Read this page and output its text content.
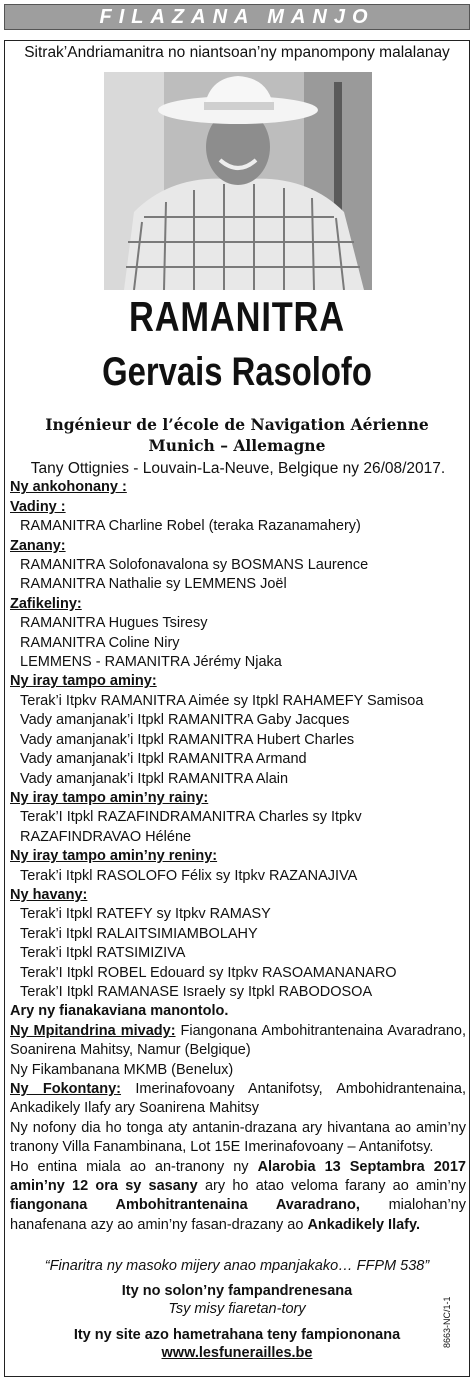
FILAZANA MANJO
Sitrak’Andriamanitra no niantsoan’ny mpanompony malalanay
RAMANITRA
Gervais Rasolofo
Ingénieur de l’école de Navigation Aérienne
Munich – Allemagne
Tany Ottignies - Louvain-La-Neuve, Belgique ny 26/08/2017.
Ny ankohonany :
Vadiny :
RAMANITRA Charline Robel (teraka Razanamahery)
Zanany:
RAMANITRA Solofonavalona sy BOSMANS Laurence
RAMANITRA Nathalie sy LEMMENS Joël
Zafikeliny:
RAMANITRA Hugues Tsiresy
RAMANITRA Coline Niry
LEMMENS - RAMANITRA Jérémy Njaka
Ny iray tampo aminy:
Terak’i Itpkv RAMANITRA Aimée sy Itpkl RAHAMEFY Samisoa
Vady amanjanak’i Itpkl RAMANITRA Gaby Jacques
Vady amanjanak’i Itpkl RAMANITRA Hubert Charles
Vady amanjanak’i Itpkl RAMANITRA Armand
Vady amanjanak’i Itpkl RAMANITRA Alain
Ny iray tampo amin’ny rainy:
Terak’I Itpkl RAZAFINDRAMANITRA Charles sy Itpkv
RAZAFINDRAVAO Héléne
Ny iray tampo amin’ny reniny:
Terak’i Itpkl RASOLOFO Félix sy Itpkv RAZANAJIVA
Ny havany:
Terak’i Itpkl RATEFY sy Itpkv RAMASY
Terak’i Itpkl RALAITSIMIAMBOLAHY
Terak’i Itpkl RATSIMIZIVA
Terak’I Itpkl ROBEL Edouard sy Itpkv RASOAMANANARO
Terak’I Itpkl RAMANASE Israely sy Itpkl RABODOSOA
Ary ny fianakaviana manontolo.
Ny Mpitandrina mivady: Fiangonana Ambohitrantenaina Avaradrano, Soanirena Mahitsy, Namur (Belgique)
Ny Fikambanana MKMB (Benelux)
Ny Fokontany: Imerinafovoany Antanifotsy, Ambohidrantenaina, Ankadikely Ilafy ary Soanirena Mahitsy
Ny nofony dia ho tonga aty antanin-drazana ary hivantana ao amin’ny tranony Villa Fanambinana, Lot 15E Imerinafovoany – Antanifotsy.
Ho entina miala ao an-tranony ny Alarobia 13 Septambra 2017 amin’ny 12 ora sy sasany ary ho atao veloma farany ao amin’ny fiangonana Ambohitrantenaina Avaradrano, mialohan’ny hanafenana azy ao amin’ny fasan-drazany ao Ankadikely Ilafy.
“Finaritra ny masoko mijery anao mpanjakako… FFPM 538”
Ity no solon’ny fampandrenesana
Tsy misy fiaretan-tory
Ity ny site azo hametrahana teny fampiononana
www.lesfunerailles.be
8663-NC/1-1
